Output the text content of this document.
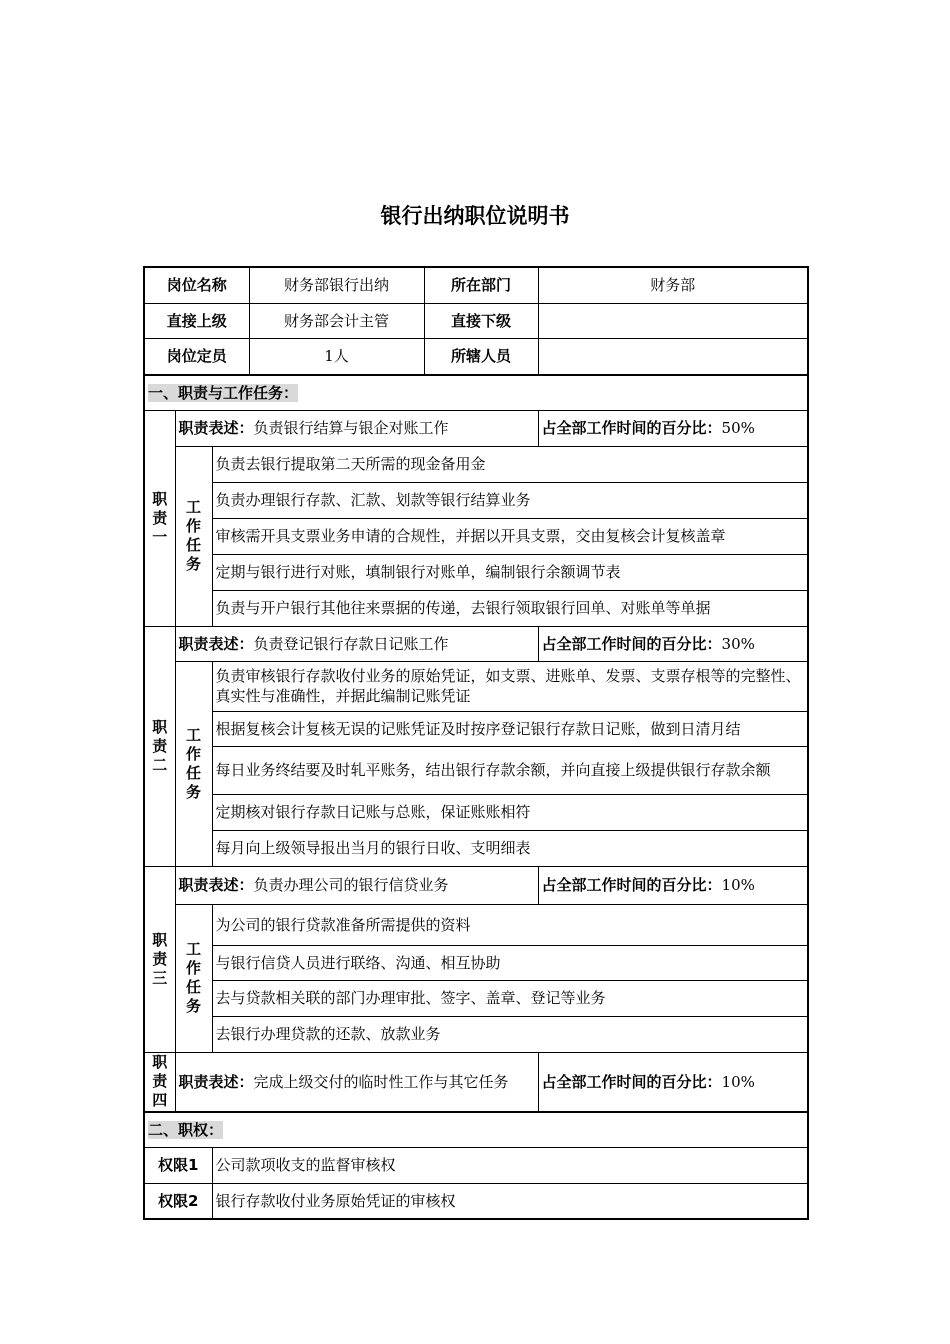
银行出纳职位说明书
岗位名称			财务部银行出纳	所在部门	财务部
直接上级			财务部会计主管	直接下级	
岗位定员			1人	所辖人员	
一、职责与工作任务：					
职责一	职责表述：负责银行结算与银企对账工作				占全部工作时间的百分比：50%
	工作任务	负责去银行提取第二天所需的现金备用金			
		负责办理银行存款、汇款、划款等银行结算业务			
		审核需开具支票业务申请的合规性，并据以开具支票，交由复核会计复核盖章			
		定期与银行进行对账，填制银行对账单，编制银行余额调节表			
		负责与开户银行其他往来票据的传递，去银行领取银行回单、对账单等单据			
职责二	职责表述：负责登记银行存款日记账工作				占全部工作时间的百分比：30%
	工作任务	负责审核银行存款收付业务的原始凭证，如支票、进账单、发票、支票存根等的完整性、真实性与准确性，并据此编制记账凭证			
		根据复核会计复核无误的记账凭证及时按序登记银行存款日记账，做到日清月结			
		每日业务终结要及时轧平账务，结出银行存款余额，并向直接上级提供银行存款余额			
		定期核对银行存款日记账与总账，保证账账相符			
		每月向上级领导报出当月的银行日收、支明细表			
职责三	职责表述：负责办理公司的银行信贷业务				占全部工作时间的百分比：10%
	工作任务	为公司的银行贷款准备所需提供的资料			
		与银行信贷人员进行联络、沟通、相互协助			
		去与贷款相关联的部门办理审批、签字、盖章、登记等业务			
		去银行办理贷款的还款、放款业务			
职责四	职责表述：完成上级交付的临时性工作与其它任务				占全部工作时间的百分比：10%
二、职权：					
权限1		公司款项收支的监督审核权			
权限2		银行存款收付业务原始凭证的审核权			
